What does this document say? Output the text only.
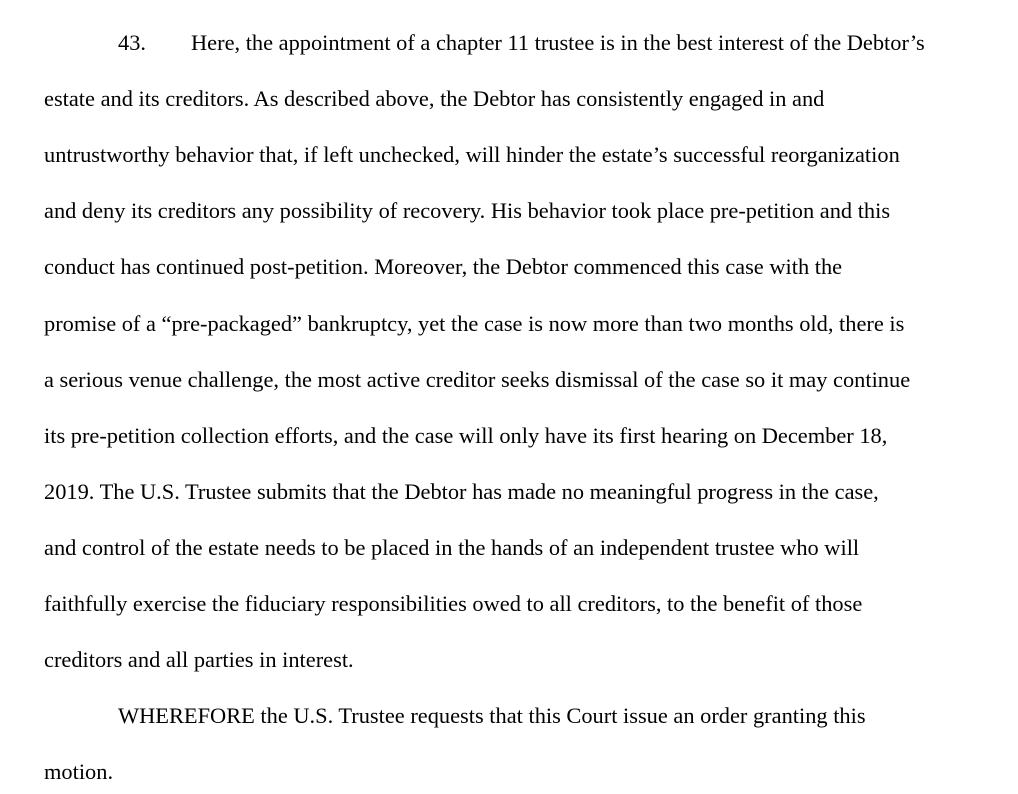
43. Here, the appointment of a chapter 11 trustee is in the best interest of the Debtor’s
estate and its creditors. As described above, the Debtor has consistently engaged in and
untrustworthy behavior that, if left unchecked, will hinder the estate’s successful reorganization
and deny its creditors any possibility of recovery. His behavior took place pre-petition and this
conduct has continued post-petition. Moreover, the Debtor commenced this case with the
promise of a “pre-packaged” bankruptcy, yet the case is now more than two months old, there is
a serious venue challenge, the most active creditor seeks dismissal of the case so it may continue
its pre-petition collection efforts, and the case will only have its first hearing on December 18,
2019. The U.S. Trustee submits that the Debtor has made no meaningful progress in the case,
and control of the estate needs to be placed in the hands of an independent trustee who will
faithfully exercise the fiduciary responsibilities owed to all creditors, to the benefit of those
creditors and all parties in interest.
WHEREFORE the U.S. Trustee requests that this Court issue an order granting this
motion.
